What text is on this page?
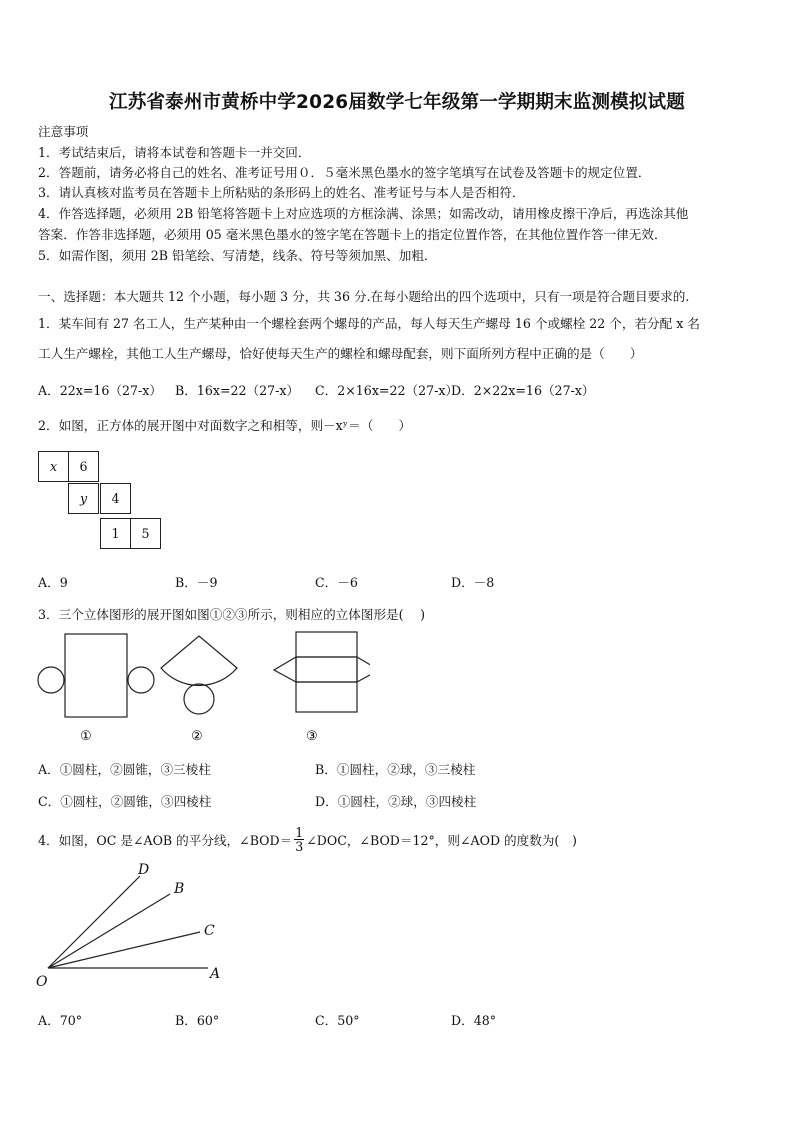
江苏省泰州市黄桥中学2026届数学七年级第一学期期末监测模拟试题
注意事项
1．考试结束后，请将本试卷和答题卡一并交回．
2．答题前，请务必将自己的姓名、准考证号用０．５毫米黑色墨水的签字笔填写在试卷及答题卡的规定位置．
3．请认真核对监考员在答题卡上所粘贴的条形码上的姓名、准考证号与本人是否相符．
4．作答选择题，必须用 2B 铅笔将答题卡上对应选项的方框涂满、涂黑；如需改动，请用橡皮擦干净后，再选涂其他
答案．作答非选择题，必须用 05 毫米黑色墨水的签字笔在答题卡上的指定位置作答，在其他位置作答一律无效．
5．如需作图，须用 2B 铅笔绘、写清楚，线条、符号等须加黑、加粗．
一、选择题：本大题共 12 个小题，每小题 3 分，共 36 分.在每小题给出的四个选项中，只有一项是符合题目要求的.
1．某车间有 27 名工人，生产某种由一个螺栓套两个螺母的产品，每人每天生产螺母 16 个或螺栓 22 个，若分配 x 名
工人生产螺栓，其他工人生产螺母，恰好使每天生产的螺栓和螺母配套，则下面所列方程中正确的是（　　）
A．22x=16（27-x） B．16x=22（27-x） C．2×16x=22（27-x）
D．2×22x=16（27-x）
2．如图，正方体的展开图中对面数字之和相等，则－xʸ＝（　　）
x	6
y	4
1	5
A．9	B．－9	C．－6	D．－8
3．三个立体图形的展开图如图①②③所示，则相应的立体图形是(　 )
①	②	③
A．①圆柱，②圆锥，③三棱柱	B．①圆柱，②球，③三棱柱
C．①圆柱，②圆锥，③四棱柱	D．①圆柱，②球，③四棱柱
4．如图，OC 是∠AOB 的平分线，∠BOD＝ $\frac{1}{3}$ ∠DOC，∠BOD＝12°，则∠AOD 的度数为(　)
D
B
C
O	A
A．70°	B．60°	C．50°	D．48°
